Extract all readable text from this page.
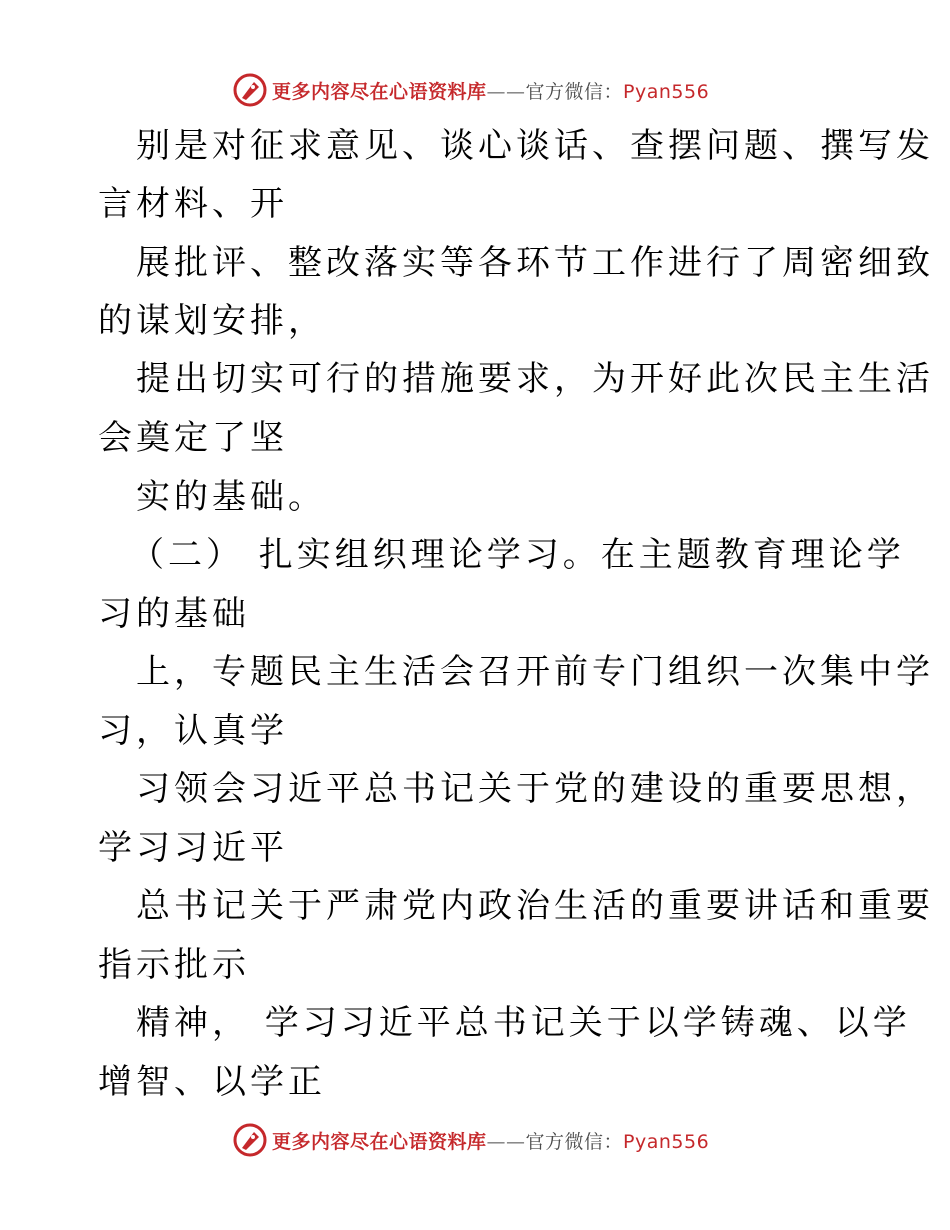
更多内容尽在心语资料库——官方微信：Pyan556
别是对征求意见、谈心谈话、查摆问题、撰写发
言材料、开
展批评、整改落实等各环节工作进行了周密细致
的谋划安排，
提出切实可行的措施要求，为开好此次民主生活
会奠定了坚
实的基础。
（二） 扎实组织理论学习。在主题教育理论学
习的基础
上，专题民主生活会召开前专门组织一次集中学
习，认真学
习领会习近平总书记关于党的建设的重要思想，
学习习近平
总书记关于严肃党内政治生活的重要讲话和重要
指示批示
精神， 学习习近平总书记关于以学铸魂、以学
增智、以学正
更多内容尽在心语资料库——官方微信：Pyan556
